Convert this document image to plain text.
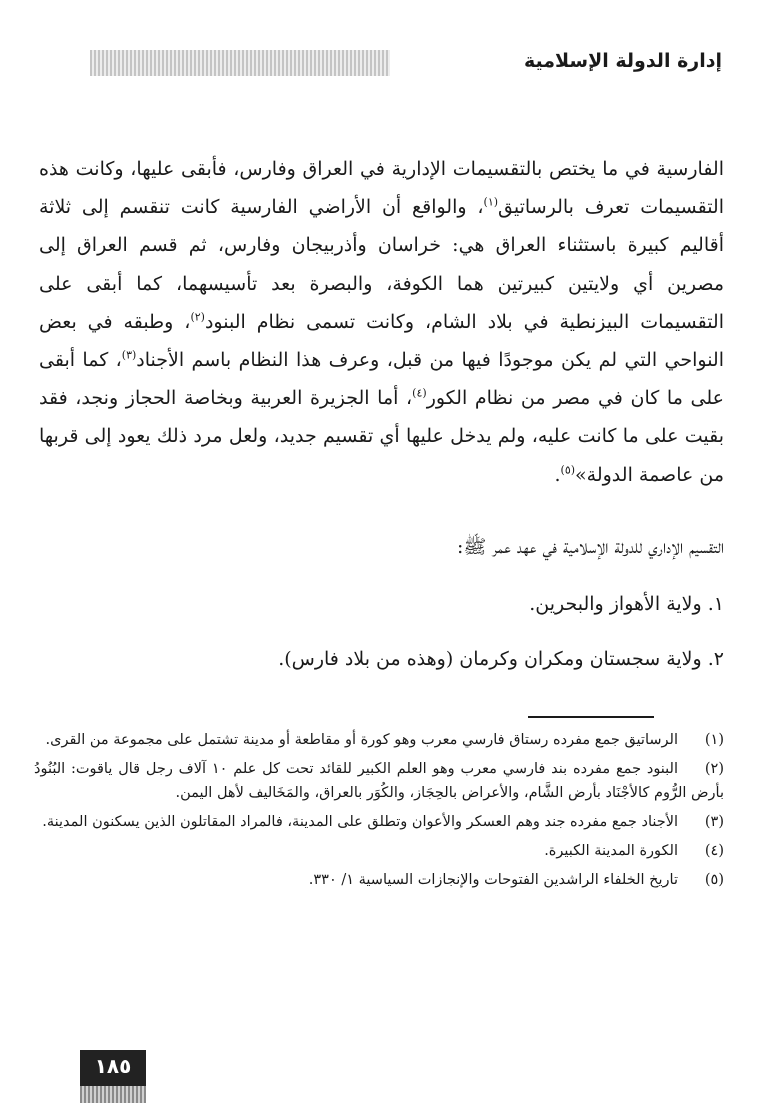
إدارة الدولة الإسلامية

الفارسية في ما يختص بالتقسيمات الإدارية في العراق وفارس، فأبقى عليها، وكانت هذه التقسيمات تعرف بالرساتيق$^{(١)}$، والواقع أن الأراضي الفارسية كانت تنقسم إلى ثلاثة أقاليم كبيرة باستثناء العراق هي: خراسان وأذربيجان وفارس، ثم قسم العراق إلى مصرين أي ولايتين كبيرتين هما الكوفة، والبصرة بعد تأسيسهما، كما أبقى على التقسيمات البيزنطية في بلاد الشام، وكانت تسمى نظام البنود$^{(٢)}$، وطبقه في بعض النواحي التي لم يكن موجودًا فيها من قبل، وعرف هذا النظام باسم الأجناد$^{(٣)}$، كما أبقى على ما كان في مصر من نظام الكور$^{(٤)}$، أما الجزيرة العربية وبخاصة الحجاز ونجد، فقد بقيت على ما كانت عليه، ولم يدخل عليها أي تقسيم جديد، ولعل مرد ذلك يعود إلى قربها من عاصمة الدولة»$^{(٥)}$.

التقسيم الإداري للدولة الإسلامية في عهد عمر ﷺ:
١. ولاية الأهواز والبحرين.
٢. ولاية سجستان ومكران وكرمان (وهذه من بلاد فارس).

(١)الرساتيق جمع مفرده رستاق فارسي معرب وهو كورة أو مقاطعة أو مدينة تشتمل على مجموعة من القرى.

(٢)البنود جمع مفرده بند فارسي معرب وهو العلم الكبير للقائد تحت كل علم ١٠ آلاف رجل قال ياقوت: البُنُودُ بأرض الرُّوم كالأجْنَاد بأرض الشَّام، والأعراض بالحِجَاز، والكُوَر بالعراق، والمَخَاليف لأهل اليمن.

(٣)الأجناد جمع مفرده جند وهم العسكر والأعوان وتطلق على المدينة، فالمراد المقاتلون الذين يسكنون المدينة.

(٤)الكورة المدينة الكبيرة.

(٥)تاريخ الخلفاء الراشدين الفتوحات والإنجازات السياسية ١/ ٣٣٠.

١٨٥
